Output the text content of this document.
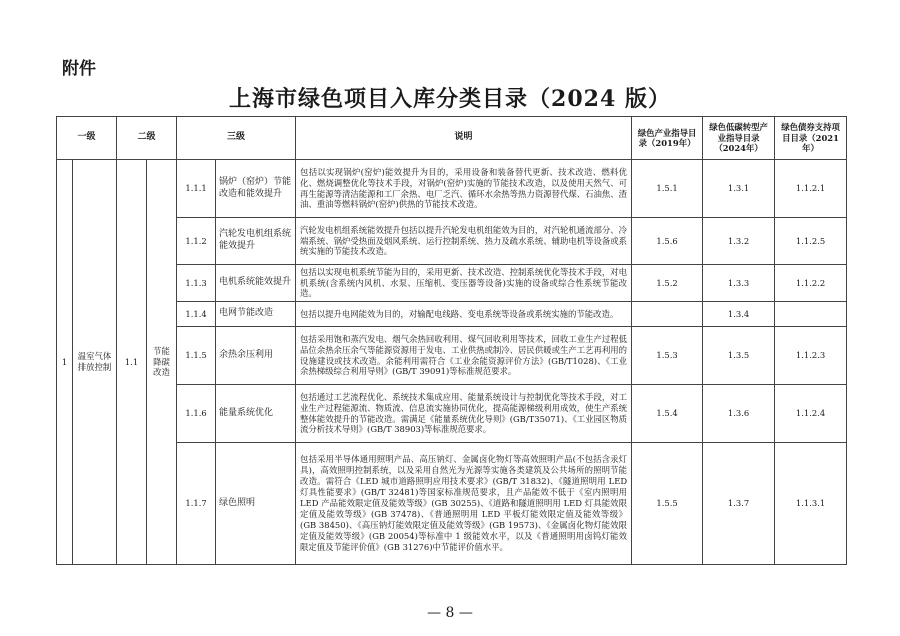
附件
上海市绿色项目入库分类目录（2024 版）
一级		二级		三级		说明	绿色产业指导目录（2019年）	绿色低碳转型产业指导目录（2024年）	绿色债券支持项目目录（2021年）
1	温室气体排放控制	1.1	节能降碳改造	1.1.1	锅炉（窑炉）节能改造和能效提升	包括以实现锅炉(窑炉)能效提升为目的，采用设备和装备替代更新、技术改造、燃料优化、燃烧调整优化等技术手段，对锅炉(窑炉)实施的节能技术改造，以及使用天然气、可再生能源等清洁能源和工厂余热、电厂乏汽、循环水余热等热力资源替代煤、石油焦、渣油、重油等燃料锅炉(窑炉)供热的节能技术改造。	1.5.1	1.3.1	1.1.2.1
				1.1.2	汽轮发电机组系统能效提升	汽轮发电机组系统能效提升包括以提升汽轮发电机组能效为目的，对汽轮机通流部分、冷端系统、锅炉受热面及烟风系统、运行控制系统、热力及疏水系统、辅助电机等设备或系统实施的节能技术改造。	1.5.6	1.3.2	1.1.2.5
				1.1.3	电机系统能效提升	包括以实现电机系统节能为目的，采用更新、技术改造、控制系统优化等技术手段，对电机系统(含系统内风机、水泵、压缩机、变压器等设备)实施的设备或综合性系统节能改造。	1.5.2	1.3.3	1.1.2.2
				1.1.4	电网节能改造	包括以提升电网能效为目的，对输配电线路、变电系统等设备或系统实施的节能改造。		1.3.4	
				1.1.5	余热余压利用	包括采用饱和蒸汽发电、烟气余热回收利用、煤气回收利用等技术，回收工业生产过程低品位余热余压余气等能源资源用于发电、工业供热或制冷、居民供暖或生产工艺再利用的设施建设或技术改造。余能利用需符合《工业余能资源评价方法》(GB/T1028)、《工业余热梯级综合利用导则》(GB/T 39091)等标准规范要求。	1.5.3	1.3.5	1.1.2.3
				1.1.6	能量系统优化	包括通过工艺流程优化、系统技术集成应用、能量系统设计与控制优化等技术手段，对工业生产过程能源流、物质流、信息流实施协同优化，提高能源梯级利用成效，使生产系统整体能效提升的节能改造。需满足《能量系统优化导则》(GB/T35071)、《工业园区物质流分析技术导则》(GB/T 38903)等标准规范要求。	1.5.4	1.3.6	1.1.2.4
				1.1.7	绿色照明	包括采用半导体通用照明产品、高压钠灯、金属卤化物灯等高效照明产品(不包括含汞灯具)，高效照明控制系统，以及采用自然光为光源等实施各类建筑及公共场所的照明节能改造。需符合《LED 城市道路照明应用技术要求》(GB/T 31832)、《隧道照明用 LED 灯具性能要求》(GB/T 32481)等国家标准规范要求，且产品能效不低于《室内照明用 LED 产品能效限定值及能效等级》(GB 30255)、《道路和隧道照明用 LED 灯具能效限定值及能效等级》(GB 37478)、《普通照明用 LED 平板灯能效限定值及能效等级》(GB 38450)、《高压钠灯能效限定值及能效等级》(GB 19573)、《金属卤化物灯能效限定值及能效等级》(GB 20054)等标准中 1 级能效水平，以及《普通照明用卤钨灯能效限定值及节能评价值》(GB 31276)中节能评价值水平。	1.5.5	1.3.7	1.1.3.1
— 8 —
